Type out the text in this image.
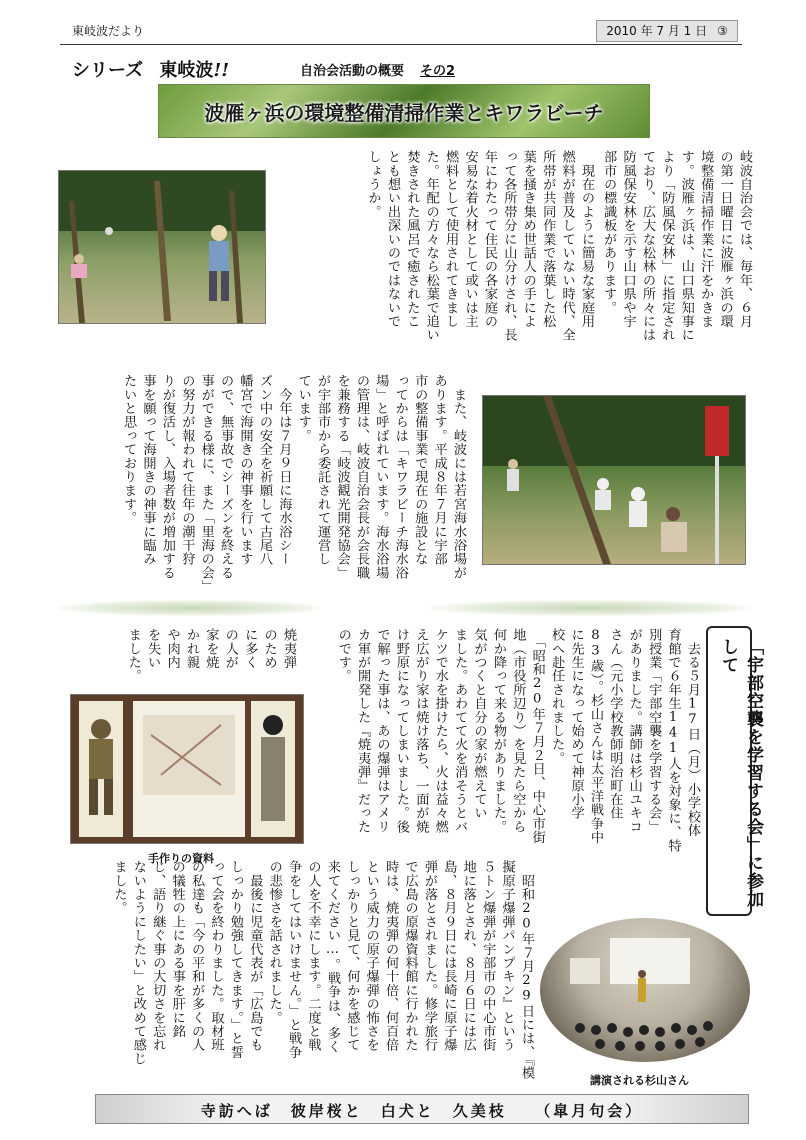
東岐波だより	2010 年 7 月 1 日 ③
シリーズ 東岐波!!	自治会活動の概要 その2
波雁ヶ浜の環境整備清掃作業とキワラビーチ
岐波自治会では、毎年、６月
の第一日曜日に波雁ヶ浜の環
境整備清掃作業に汗をかきま
す。波雁ヶ浜は、山口県知事に
より「防風保安林」に指定され
ており、広大な松林の所々には
防風保安林を示す山口県や宇
部市の標識板があります。
　現在のように簡易な家庭用
燃料が普及していない時代、全
所帯が共同作業で落葉した松
葉を掻き集め世話人の手によ
って各所帯分に山分けされ、長
年にわたって住民の各家庭の
安易な着火材として或いは主
燃料として使用されてきまし
た。年配の方々なら松葉で追い
焚きされた風呂で癒されたこ
とも想い出深いのではないで
しょうか。
　また、岐波には若宮海水浴場が
あります。平成８年７月に宇部
市の整備事業で現在の施設とな
ってからは「キワラビーチ海水浴
場」と呼ばれています。海水浴場
の管理は、岐波自治会長が会長職
を兼務する「岐波観光開発協会」
が宇部市から委託されて運営し
ています。
　今年は７月９日に海水浴シー
ズン中の安全を祈願して古尾八
幡宮で海開きの神事を行います
ので、無事故でシーズンを終える
事ができる様に、また「里海の会」
の努力が報われて往年の潮干狩
りが復活し、入場者数が増加する
事を願って海開きの神事に臨み
たいと思っております。
「宇部空襲を学習する会」に参加して
　去る５月17日（月）小学校体
育館で６年生141人を対象に、特
別授業「宇部空襲を学習する会」
がありました。講師は杉山ユキコ
さん（元小学校教師明治町在住
83歳）。杉山さんは太平洋戦争中
に先生になって始めて神原小学
校へ赴任されました。
　「昭和20年７月２日、中心市街
地（市役所辺り）を見たら空から
何か降って来る物がありました。
気がつくと自分の家が燃えてい
ました。あわてて火を消そうとバ
ケツで水を掛けたら、火は益々燃
え広がり家は焼け落ち、一面が焼
け野原になってしまいました。後
で解った事は、あの爆弾はアメリ
カ軍が開発した『焼夷弾』だった
のです。
焼夷弾
のため
に多く
の人が
家を焼
かれ親
や肉内
を失い
ました。
　昭和20年７月29日には、『模
擬原子爆弾パンプキン』という
５トン爆弾が宇部市の中心市街
地に落とされ、８月６日には広
島、８月９日には長崎に原子爆
弾が落とされました。修学旅行
で広島の原爆資料館に行かれた
時は、焼夷弾の何十倍、何百倍
という威力の原子爆弾の怖さを
しっかりと見て、何かを感じて
来てください…。戦争は、多く
の人を不幸にします。二度と戦
争をしてはいけません。」と戦争
の悲惨さを話されました。
　最後に児童代表が「広島でも
しっかり勉強してきます。」と誓
って会を終わりました。取材班
の私達も「今の平和が多くの人
の犠牲の上にある事を肝に銘
じ、語り継ぐ事の大切さを忘れ
ないようにしたい」と改めて感じ
ました。
手作りの資料
講演される杉山さん
寺訪へば　彼岸桜と　白犬と　久美枝　　（皐月句会）
